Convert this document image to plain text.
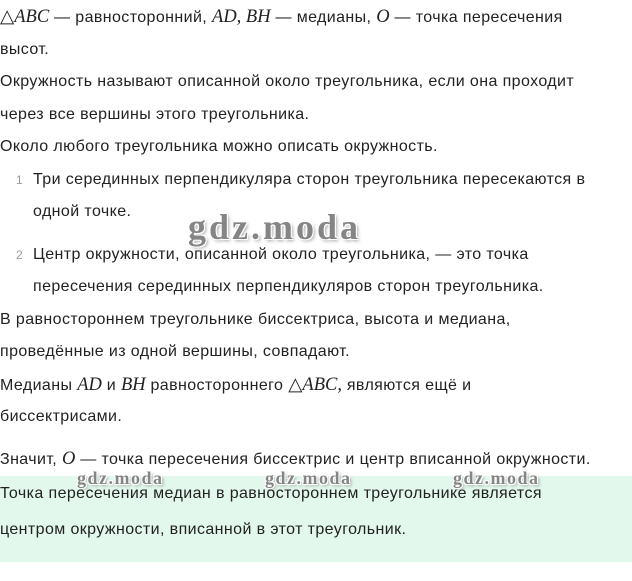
△ABC — равносторонний, AD, BH — медианы, O — точка пересечения
высот.
Окружность называют описанной около треугольника, если она проходит
через все вершины этого треугольника.
Около любого треугольника можно описать окружность.
1 Три серединных перпендикуляра сторон треугольника пересекаются в
одной точке.
2 Центр окружности, описанной около треугольника, — это точка
пересечения серединных перпендикуляров сторон треугольника.
В равностороннем треугольнике биссектриса, высота и медиана,
проведённые из одной вершины, совпадают.
Медианы AD и BH равностороннего △ABC, являются ещё и
биссектрисами.
Значит, O — точка пересечения биссектрис и центр вписанной окружности.
Точка пересечения медиан в равностороннем треугольнике является
центром окружности, вписанной в этот треугольник.
gdz.moda
gdz.moda	gdz.moda	gdz.moda
